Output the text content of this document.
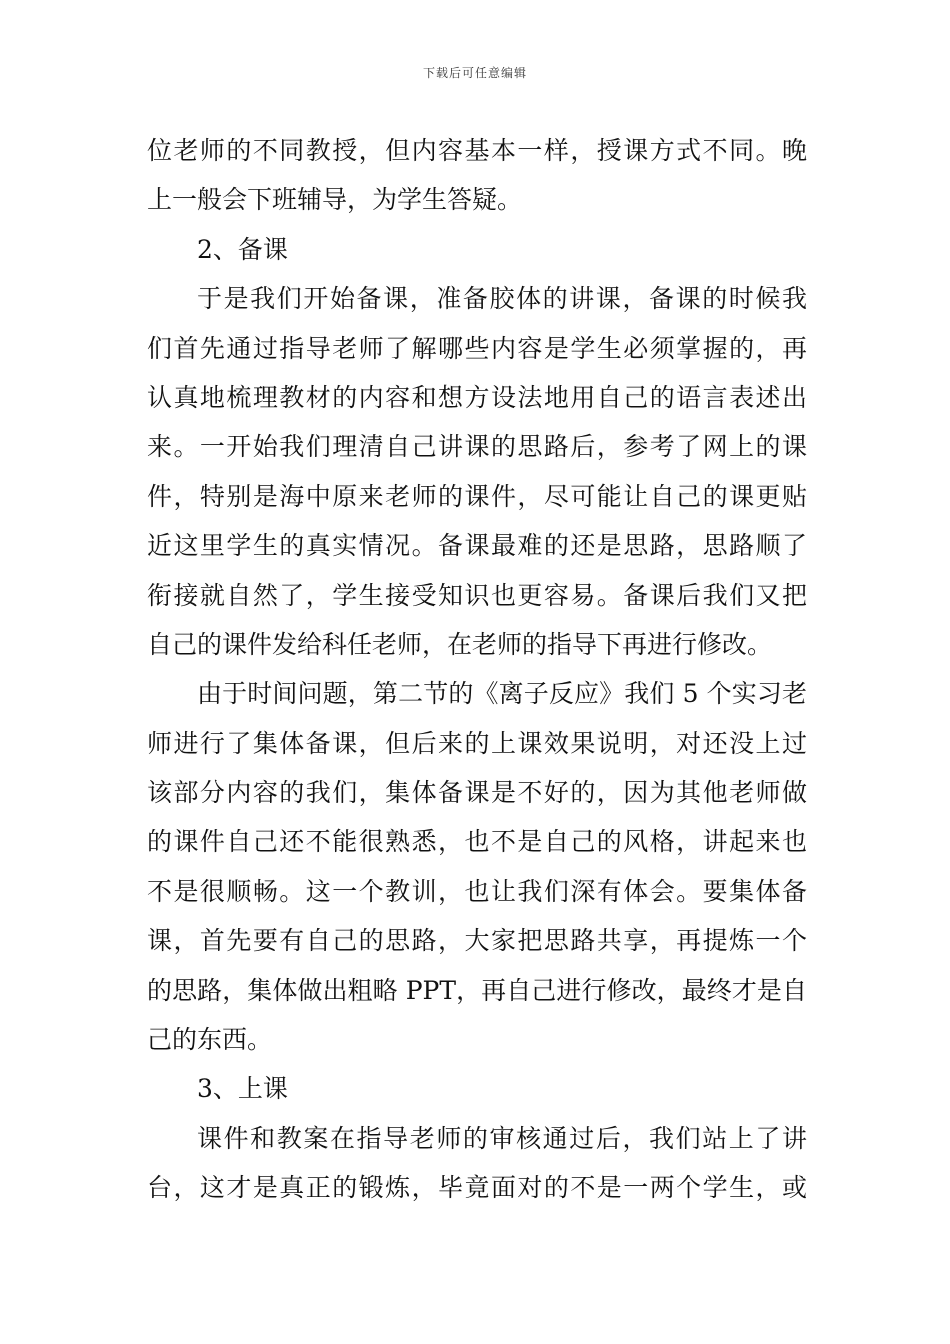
下载后可任意编辑
位老师的不同教授，但内容基本一样，授课方式不同。晚
上一般会下班辅导，为学生答疑。
2、备课
于是我们开始备课，准备胶体的讲课，备课的时候我
们首先通过指导老师了解哪些内容是学生必须掌握的，再
认真地梳理教材的内容和想方设法地用自己的语言表述出
来。一开始我们理清自己讲课的思路后，参考了网上的课
件，特别是海中原来老师的课件，尽可能让自己的课更贴
近这里学生的真实情况。备课最难的还是思路，思路顺了
衔接就自然了，学生接受知识也更容易。备课后我们又把
自己的课件发给科任老师，在老师的指导下再进行修改。
由于时间问题，第二节的《离子反应》我们 5 个实习老
师进行了集体备课，但后来的上课效果说明，对还没上过
该部分内容的我们，集体备课是不好的，因为其他老师做
的课件自己还不能很熟悉，也不是自己的风格，讲起来也
不是很顺畅。这一个教训，也让我们深有体会。要集体备
课，首先要有自己的思路，大家把思路共享，再提炼一个
的思路，集体做出粗略 PPT，再自己进行修改，最终才是自
己的东西。
3、上课
课件和教案在指导老师的审核通过后，我们站上了讲
台，这才是真正的锻炼，毕竟面对的不是一两个学生，或
